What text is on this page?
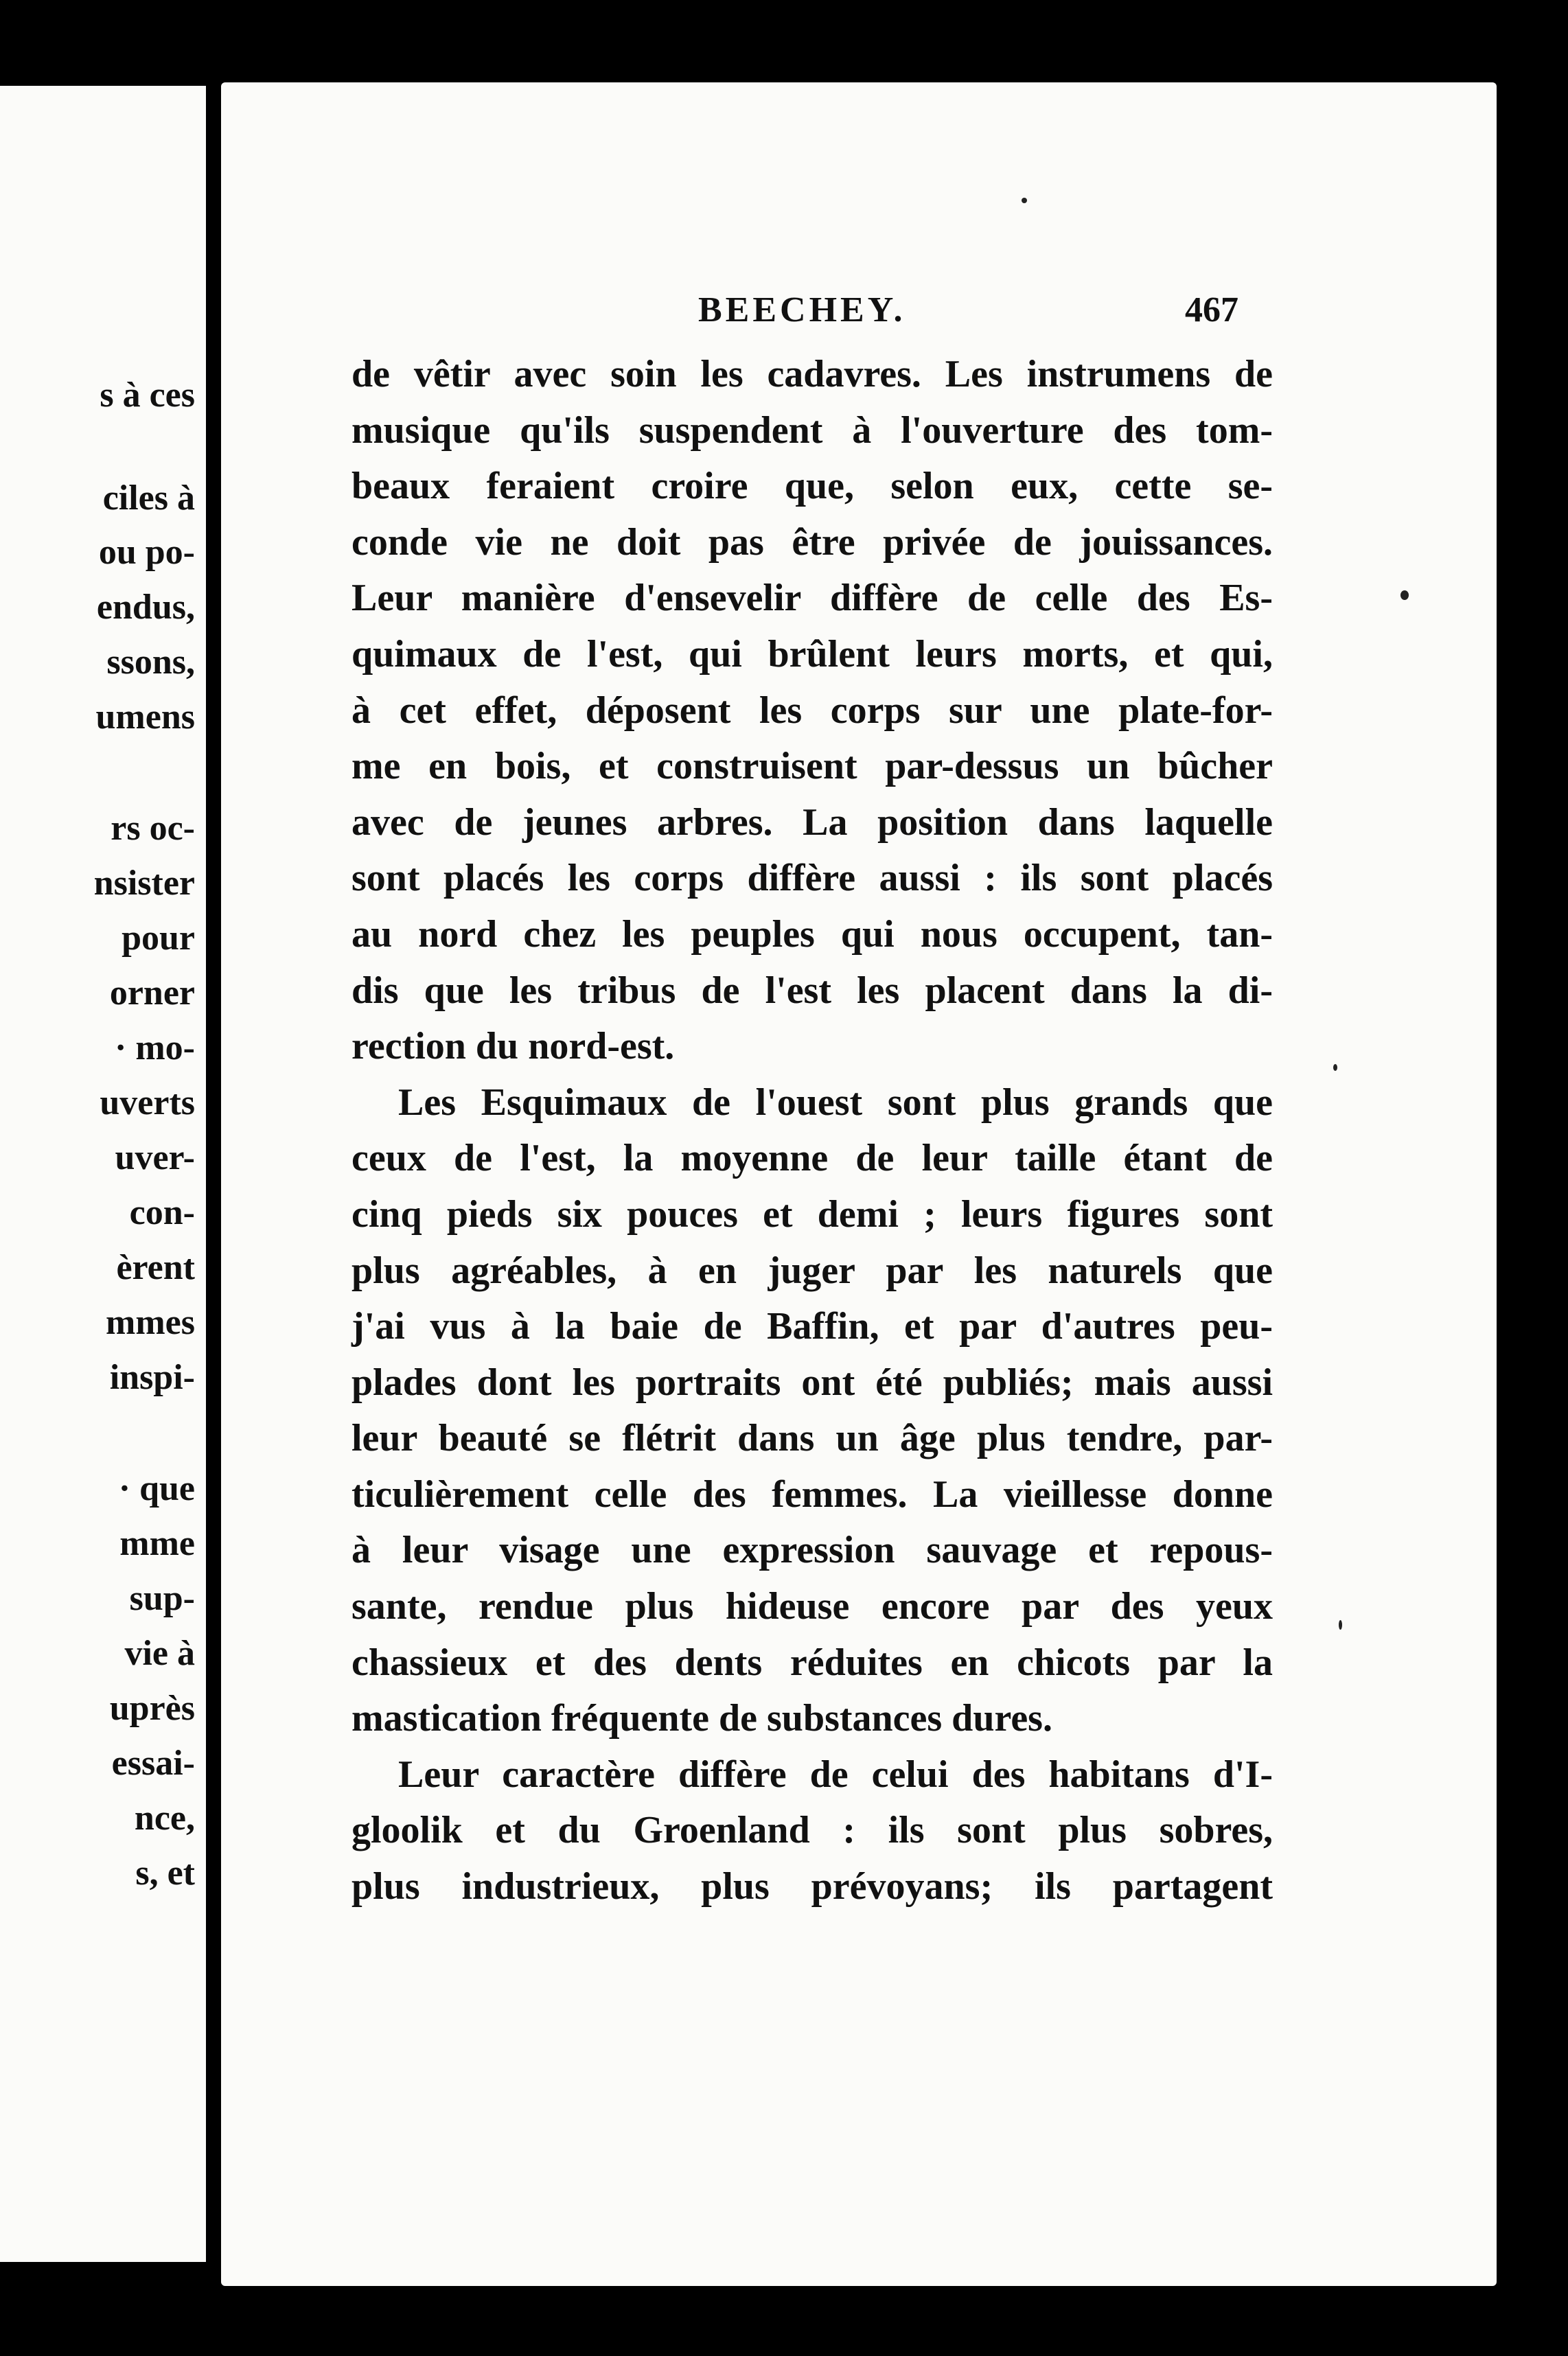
s à ces
ciles à
ou po-
endus,
ssons,
umens
rs oc-
nsister
pour
orner
· mo-
uverts
uver-
con-
èrent
mmes
inspi-
· que
mme
sup-
vie à
uprès
essai-
nce,
s, et
BEECHEY.	467
de vêtir avec soin les cadavres. Les instrumens de
musique qu'ils suspendent à l'ouverture des tom-
beaux feraient croire que, selon eux, cette se-
conde vie ne doit pas être privée de jouissances.
Leur manière d'ensevelir diffère de celle des Es-
quimaux de l'est, qui brûlent leurs morts, et qui,
à cet effet, déposent les corps sur une plate-for-
me en bois, et construisent par-dessus un bûcher
avec de jeunes arbres. La position dans laquelle
sont placés les corps diffère aussi : ils sont placés
au nord chez les peuples qui nous occupent, tan-
dis que les tribus de l'est les placent dans la di-
rection du nord-est.
Les Esquimaux de l'ouest sont plus grands que
ceux de l'est, la moyenne de leur taille étant de
cinq pieds six pouces et demi ; leurs figures sont
plus agréables, à en juger par les naturels que
j'ai vus à la baie de Baffin, et par d'autres peu-
plades dont les portraits ont été publiés; mais aussi
leur beauté se flétrit dans un âge plus tendre, par-
ticulièrement celle des femmes. La vieillesse donne
à leur visage une expression sauvage et repous-
sante, rendue plus hideuse encore par des yeux
chassieux et des dents réduites en chicots par la
mastication fréquente de substances dures.
Leur caractère diffère de celui des habitans d'I-
gloolik et du Groenland : ils sont plus sobres,
plus industrieux, plus prévoyans; ils partagent
